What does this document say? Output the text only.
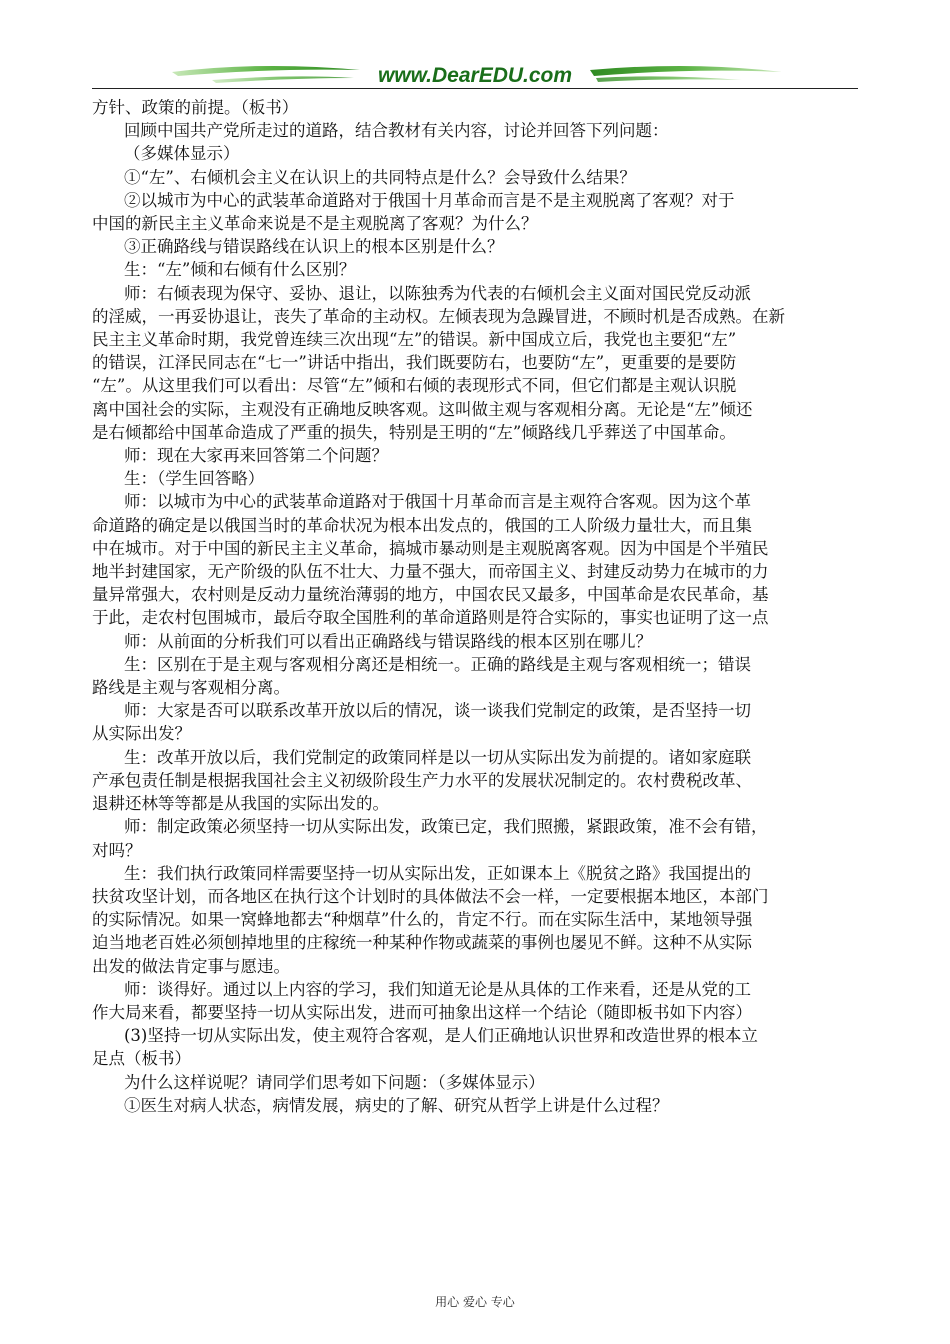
www.DearEDU.com

方针、政策的前提。（板书）

回顾中国共产党所走过的道路，结合教材有关内容，讨论并回答下列问题：

（多媒体显示）

①“左”、右倾机会主义在认识上的共同特点是什么？会导致什么结果？

②以城市为中心的武装革命道路对于俄国十月革命而言是不是主观脱离了客观？对于

中国的新民主主义革命来说是不是主观脱离了客观？为什么？

③正确路线与错误路线在认识上的根本区别是什么？

生：“左”倾和右倾有什么区别？

师：右倾表现为保守、妥协、退让，以陈独秀为代表的右倾机会主义面对国民党反动派

的淫威，一再妥协退让，丧失了革命的主动权。左倾表现为急躁冒进，不顾时机是否成熟。在新

民主主义革命时期，我党曾连续三次出现“左”的错误。新中国成立后，我党也主要犯“左”

的错误，江泽民同志在“七一”讲话中指出，我们既要防右，也要防“左”，更重要的是要防

“左”。从这里我们可以看出：尽管“左”倾和右倾的表现形式不同，但它们都是主观认识脱

离中国社会的实际，主观没有正确地反映客观。这叫做主观与客观相分离。无论是“左”倾还

是右倾都给中国革命造成了严重的损失，特别是王明的“左”倾路线几乎葬送了中国革命。

师：现在大家再来回答第二个问题？

生：（学生回答略）

师：以城市为中心的武装革命道路对于俄国十月革命而言是主观符合客观。因为这个革

命道路的确定是以俄国当时的革命状况为根本出发点的，俄国的工人阶级力量壮大，而且集

中在城市。对于中国的新民主主义革命，搞城市暴动则是主观脱离客观。因为中国是个半殖民

地半封建国家，无产阶级的队伍不壮大、力量不强大，而帝国主义、封建反动势力在城市的力

量异常强大，农村则是反动力量统治薄弱的地方，中国农民又最多，中国革命是农民革命，基

于此，走农村包围城市，最后夺取全国胜利的革命道路则是符合实际的，事实也证明了这一点

师：从前面的分析我们可以看出正确路线与错误路线的根本区别在哪儿？

生：区别在于是主观与客观相分离还是相统一。正确的路线是主观与客观相统一；错误

路线是主观与客观相分离。

师：大家是否可以联系改革开放以后的情况，谈一谈我们党制定的政策，是否坚持一切

从实际出发？

生：改革开放以后，我们党制定的政策同样是以一切从实际出发为前提的。诸如家庭联

产承包责任制是根据我国社会主义初级阶段生产力水平的发展状况制定的。农村费税改革、

退耕还林等等都是从我国的实际出发的。

师：制定政策必须坚持一切从实际出发，政策已定，我们照搬，紧跟政策，准不会有错，

对吗？

生：我们执行政策同样需要坚持一切从实际出发，正如课本上《脱贫之路》我国提出的

扶贫攻坚计划，而各地区在执行这个计划时的具体做法不会一样，一定要根据本地区，本部门

的实际情况。如果一窝蜂地都去“种烟草”什么的，肯定不行。而在实际生活中，某地领导强

迫当地老百姓必须刨掉地里的庄稼统一种某种作物或蔬菜的事例也屡见不鲜。这种不从实际

出发的做法肯定事与愿违。

师：谈得好。通过以上内容的学习，我们知道无论是从具体的工作来看，还是从党的工

作大局来看，都要坚持一切从实际出发，进而可抽象出这样一个结论（随即板书如下内容）

(3)坚持一切从实际出发，使主观符合客观，是人们正确地认识世界和改造世界的根本立

足点（板书）

为什么这样说呢？请同学们思考如下问题：（多媒体显示）

①医生对病人状态，病情发展，病史的了解、研究从哲学上讲是什么过程？

用心 爱心 专心
